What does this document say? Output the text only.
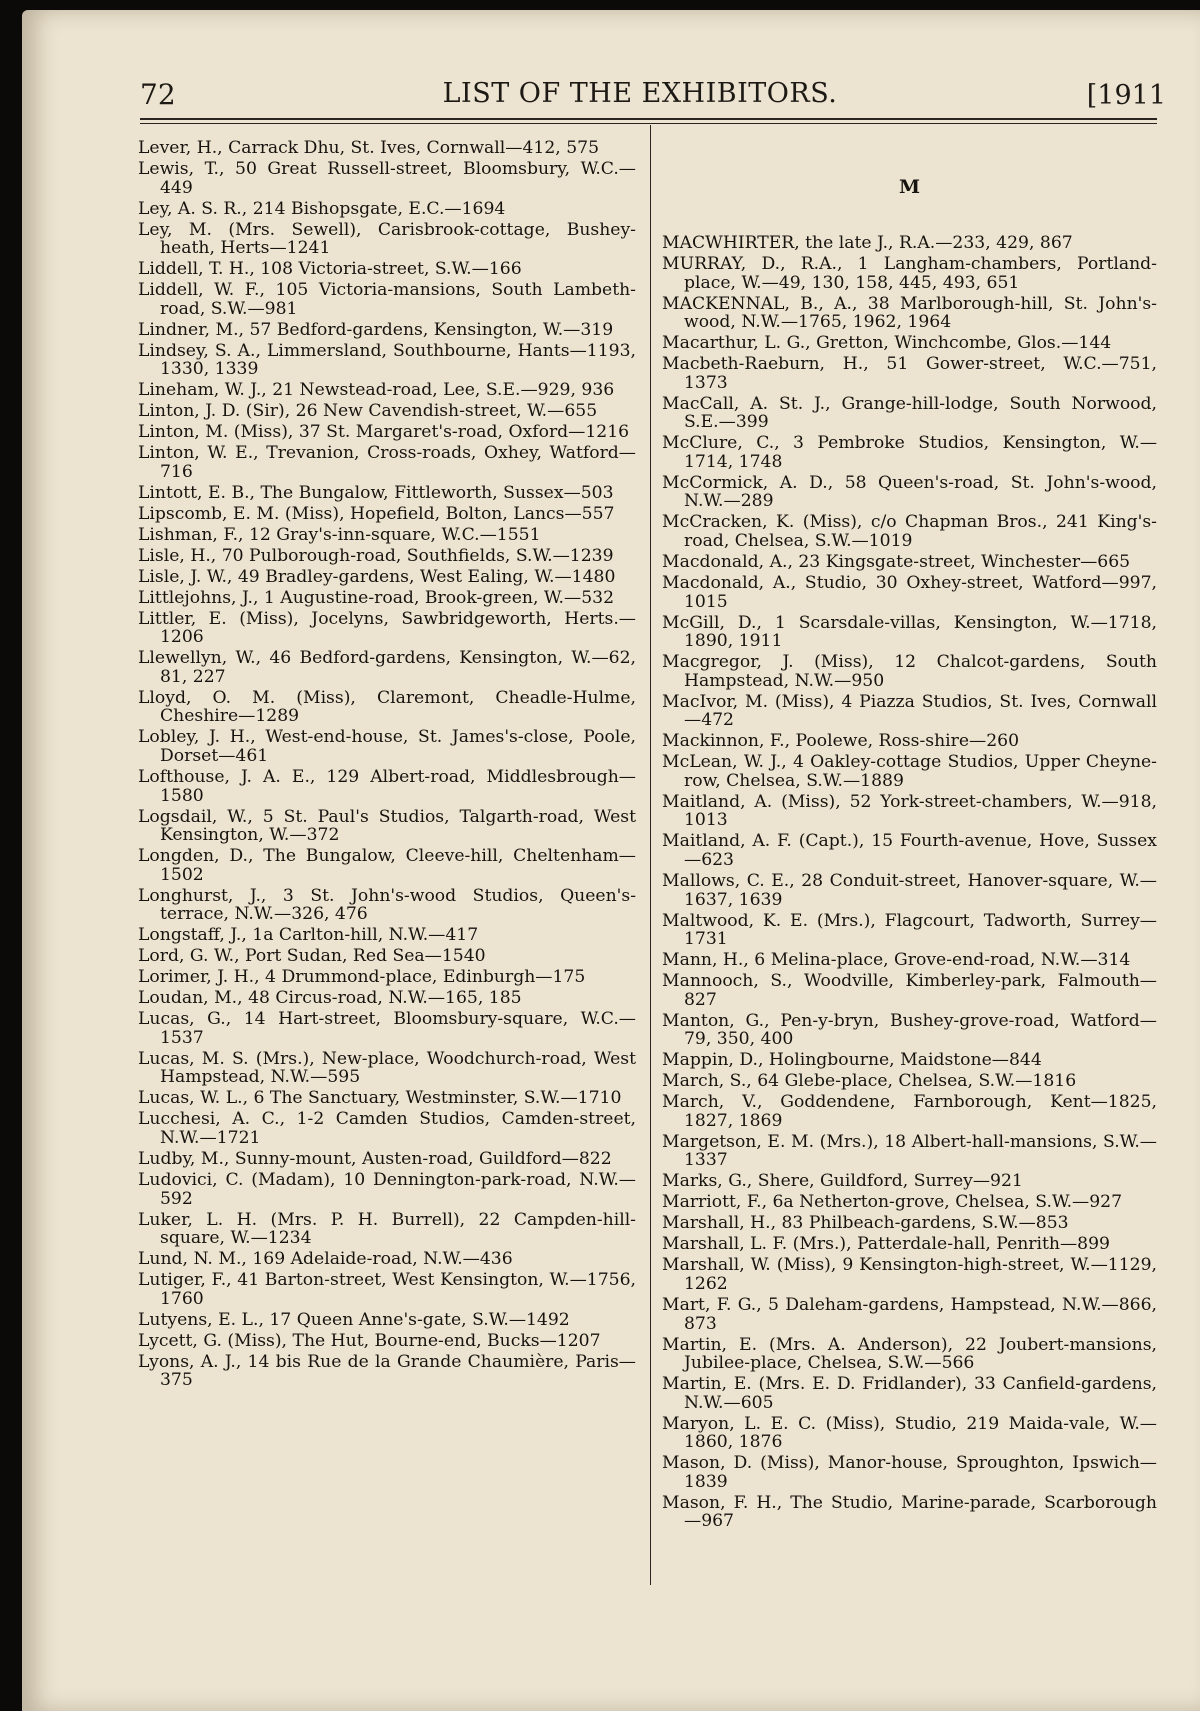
72	LIST OF THE EXHIBITORS.	[1911
M

Lever, H., Carrack Dhu, St. Ives, Cornwall—412, 575

Lewis, T., 50 Great Russell-street, Bloomsbury, W.C.—449

Ley, A. S. R., 214 Bishopsgate, E.C.—1694

Ley, M. (Mrs. Sewell), Carisbrook-cottage, Bushey-heath, Herts—1241

Liddell, T. H., 108 Victoria-street, S.W.—166

Liddell, W. F., 105 Victoria-mansions, South Lambeth-road, S.W.—981

Lindner, M., 57 Bedford-gardens, Kensington, W.—319

Lindsey, S. A., Limmersland, Southbourne, Hants—1193, 1330, 1339

Lineham, W. J., 21 Newstead-road, Lee, S.E.—929, 936

Linton, J. D. (Sir), 26 New Cavendish-street, W.—655

Linton, M. (Miss), 37 St. Margaret's-road, Oxford—1216

Linton, W. E., Trevanion, Cross-roads, Oxhey, Watford—716

Lintott, E. B., The Bungalow, Fittleworth, Sussex—503

Lipscomb, E. M. (Miss), Hopefield, Bolton, Lancs—557

Lishman, F., 12 Gray's-inn-square, W.C.—1551

Lisle, H., 70 Pulborough-road, Southfields, S.W.—1239

Lisle, J. W., 49 Bradley-gardens, West Ealing, W.—1480

Littlejohns, J., 1 Augustine-road, Brook-green, W.—532

Littler, E. (Miss), Jocelyns, Sawbridgeworth, Herts.—1206

Llewellyn, W., 46 Bedford-gardens, Kensington, W.—62, 81, 227

Lloyd, O. M. (Miss), Claremont, Cheadle-Hulme, Cheshire—1289

Lobley, J. H., West-end-house, St. James's-close, Poole, Dorset—461

Lofthouse, J. A. E., 129 Albert-road, Middlesbrough—1580

Logsdail, W., 5 St. Paul's Studios, Talgarth-road, West Kensington, W.—372

Longden, D., The Bungalow, Cleeve-hill, Cheltenham—1502

Longhurst, J., 3 St. John's-wood Studios, Queen's-terrace, N.W.—326, 476

Longstaff, J., 1a Carlton-hill, N.W.—417

Lord, G. W., Port Sudan, Red Sea—1540

Lorimer, J. H., 4 Drummond-place, Edinburgh—175

Loudan, M., 48 Circus-road, N.W.—165, 185

Lucas, G., 14 Hart-street, Bloomsbury-square, W.C.—1537

Lucas, M. S. (Mrs.), New-place, Woodchurch-road, West Hampstead, N.W.—595

Lucas, W. L., 6 The Sanctuary, Westminster, S.W.—1710

Lucchesi, A. C., 1-2 Camden Studios, Camden-street, N.W.—1721

Ludby, M., Sunny-mount, Austen-road, Guildford—822

Ludovici, C. (Madam), 10 Dennington-park-road, N.W.—592

Luker, L. H. (Mrs. P. H. Burrell), 22 Campden-hill-square, W.—1234

Lund, N. M., 169 Adelaide-road, N.W.—436

Lutiger, F., 41 Barton-street, West Kensington, W.—1756, 1760

Lutyens, E. L., 17 Queen Anne's-gate, S.W.—1492

Lycett, G. (Miss), The Hut, Bourne-end, Bucks—1207

Lyons, A. J., 14 bis Rue de la Grande Chaumière, Paris—375

MACWHIRTER, the late J., R.A.—233, 429, 867

MURRAY, D., R.A., 1 Langham-chambers, Portland-place, W.—49, 130, 158, 445, 493, 651

MACKENNAL, B., A., 38 Marlborough-hill, St. John's-wood, N.W.—1765, 1962, 1964

Macarthur, L. G., Gretton, Winchcombe, Glos.—144

Macbeth-Raeburn, H., 51 Gower-street, W.C.—751, 1373

MacCall, A. St. J., Grange-hill-lodge, South Norwood, S.E.—399

McClure, C., 3 Pembroke Studios, Kensington, W.—1714, 1748

McCormick, A. D., 58 Queen's-road, St. John's-wood, N.W.—289

McCracken, K. (Miss), c/o Chapman Bros., 241 King's-road, Chelsea, S.W.—1019

Macdonald, A., 23 Kingsgate-street, Winchester—665

Macdonald, A., Studio, 30 Oxhey-street, Watford—997, 1015

McGill, D., 1 Scarsdale-villas, Kensington, W.—1718, 1890, 1911

Macgregor, J. (Miss), 12 Chalcot-gardens, South Hampstead, N.W.—950

MacIvor, M. (Miss), 4 Piazza Studios, St. Ives, Cornwall—472

Mackinnon, F., Poolewe, Ross-shire—260

McLean, W. J., 4 Oakley-cottage Studios, Upper Cheyne-row, Chelsea, S.W.—1889

Maitland, A. (Miss), 52 York-street-chambers, W.—918, 1013

Maitland, A. F. (Capt.), 15 Fourth-avenue, Hove, Sussex—623

Mallows, C. E., 28 Conduit-street, Hanover-square, W.—1637, 1639

Maltwood, K. E. (Mrs.), Flagcourt, Tadworth, Surrey—1731

Mann, H., 6 Melina-place, Grove-end-road, N.W.—314

Mannooch, S., Woodville, Kimberley-park, Falmouth—827

Manton, G., Pen-y-bryn, Bushey-grove-road, Watford—79, 350, 400

Mappin, D., Holingbourne, Maidstone—844

March, S., 64 Glebe-place, Chelsea, S.W.—1816

March, V., Goddendene, Farnborough, Kent—1825, 1827, 1869

Margetson, E. M. (Mrs.), 18 Albert-hall-mansions, S.W.—1337

Marks, G., Shere, Guildford, Surrey—921

Marriott, F., 6a Netherton-grove, Chelsea, S.W.—927

Marshall, H., 83 Philbeach-gardens, S.W.—853

Marshall, L. F. (Mrs.), Patterdale-hall, Penrith—899

Marshall, W. (Miss), 9 Kensington-high-street, W.—1129, 1262

Mart, F. G., 5 Daleham-gardens, Hampstead, N.W.—866, 873

Martin, E. (Mrs. A. Anderson), 22 Joubert-mansions, Jubilee-place, Chelsea, S.W.—566

Martin, E. (Mrs. E. D. Fridlander), 33 Canfield-gardens, N.W.—605

Maryon, L. E. C. (Miss), Studio, 219 Maida-vale, W.—1860, 1876

Mason, D. (Miss), Manor-house, Sproughton, Ipswich—1839

Mason, F. H., The Studio, Marine-parade, Scarborough—967
